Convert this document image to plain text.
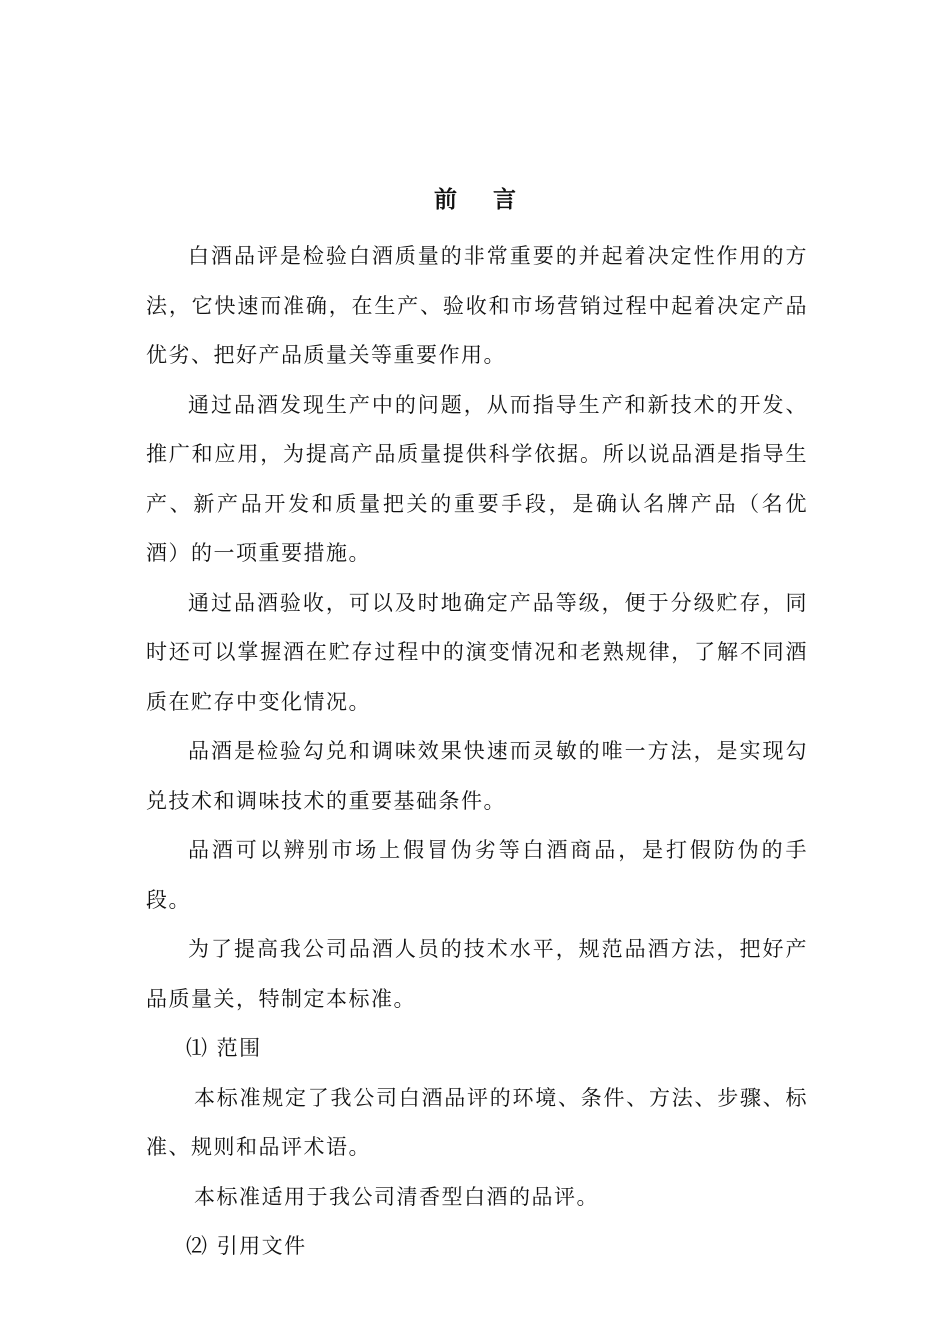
前 言

白酒品评是检验白酒质量的非常重要的并起着决定性作用的方法，它快速而准确，在生产、验收和市场营销过程中起着决定产品优劣、把好产品质量关等重要作用。

通过品酒发现生产中的问题，从而指导生产和新技术的开发、推广和应用，为提高产品质量提供科学依据。所以说品酒是指导生产、新产品开发和质量把关的重要手段，是确认名牌产品（名优酒）的一项重要措施。

通过品酒验收，可以及时地确定产品等级，便于分级贮存，同时还可以掌握酒在贮存过程中的演变情况和老熟规律，了解不同酒质在贮存中变化情况。

品酒是检验勾兑和调味效果快速而灵敏的唯一方法，是实现勾兑技术和调味技术的重要基础条件。

品酒可以辨别市场上假冒伪劣等白酒商品，是打假防伪的手段。

为了提高我公司品酒人员的技术水平，规范品酒方法，把好产品质量关，特制定本标准。

⑴ 范围

本标准规定了我公司白酒品评的环境、条件、方法、步骤、标准、规则和品评术语。

本标准适用于我公司清香型白酒的品评。

⑵ 引用文件
